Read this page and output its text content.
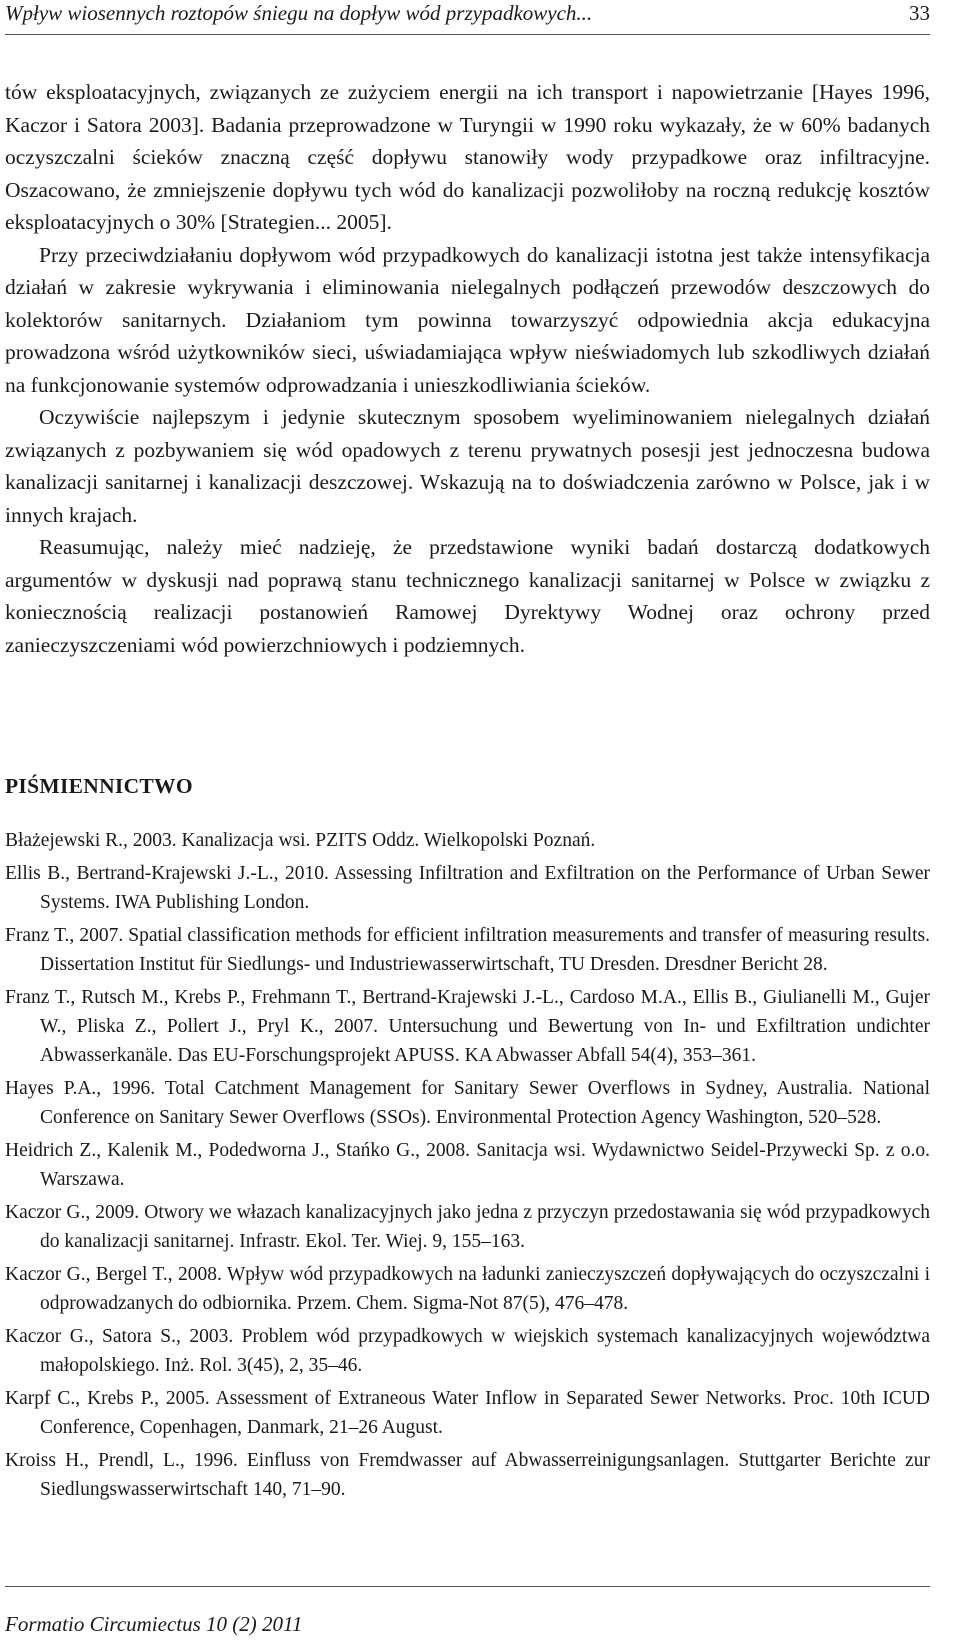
Wpływ wiosennych roztopów śniegu na dopływ wód przypadkowych...	33

tów eksploatacyjnych, związanych ze zużyciem energii na ich transport i napowietrzanie [Hayes 1996, Kaczor i Satora 2003]. Badania przeprowadzone w Turyngii w 1990 roku wykazały, że w 60% badanych oczyszczalni ścieków znaczną część dopływu stanowiły wody przypadkowe oraz infiltracyjne. Oszacowano, że zmniejszenie dopływu tych wód do kanalizacji pozwoliłoby na roczną redukcję kosztów eksploatacyjnych o 30% [Strategien... 2005].

Przy przeciwdziałaniu dopływom wód przypadkowych do kanalizacji istotna jest także intensyfikacja działań w zakresie wykrywania i eliminowania nielegalnych podłączeń przewodów deszczowych do kolektorów sanitarnych. Działaniom tym powinna towarzyszyć odpowiednia akcja edukacyjna prowadzona wśród użytkowników sieci, uświadamiająca wpływ nieświadomych lub szkodliwych działań na funkcjonowanie systemów odprowadzania i unieszkodliwiania ścieków.

Oczywiście najlepszym i jedynie skutecznym sposobem wyeliminowaniem nielegalnych działań związanych z pozbywaniem się wód opadowych z terenu prywatnych posesji jest jednoczesna budowa kanalizacji sanitarnej i kanalizacji deszczowej. Wskazują na to doświadczenia zarówno w Polsce, jak i w innych krajach.

Reasumując, należy mieć nadzieję, że przedstawione wyniki badań dostarczą dodatkowych argumentów w dyskusji nad poprawą stanu technicznego kanalizacji sanitarnej w Polsce w związku z koniecznością realizacji postanowień Ramowej Dyrektywy Wodnej oraz ochrony przed zanieczyszczeniami wód powierzchniowych i podziemnych.

PIŚMIENNICTWO
Błażejewski R., 2003. Kanalizacja wsi. PZITS Oddz. Wielkopolski Poznań.
Ellis B., Bertrand-Krajewski J.-L., 2010. Assessing Infiltration and Exfiltration on the Performance of Urban Sewer Systems. IWA Publishing London.
Franz T., 2007. Spatial classification methods for efficient infiltration measurements and transfer of measuring results. Dissertation Institut für Siedlungs- und Industriewasserwirtschaft, TU Dresden. Dresdner Bericht 28.
Franz T., Rutsch M., Krebs P., Frehmann T., Bertrand-Krajewski J.-L., Cardoso M.A., Ellis B., Giulianelli M., Gujer W., Pliska Z., Pollert J., Pryl K., 2007. Untersuchung und Bewertung von In- und Exfiltration undichter Abwasserkanäle. Das EU-Forschungsprojekt APUSS. KA Abwasser Abfall 54(4), 353–361.
Hayes P.A., 1996. Total Catchment Management for Sanitary Sewer Overflows in Sydney, Australia. National Conference on Sanitary Sewer Overflows (SSOs). Environmental Protection Agency Washington, 520–528.
Heidrich Z., Kalenik M., Podedworna J., Stańko G., 2008. Sanitacja wsi. Wydawnictwo Seidel-Przywecki Sp. z o.o. Warszawa.
Kaczor G., 2009. Otwory we włazach kanalizacyjnych jako jedna z przyczyn przedostawania się wód przypadkowych do kanalizacji sanitarnej. Infrastr. Ekol. Ter. Wiej. 9, 155–163.
Kaczor G., Bergel T., 2008. Wpływ wód przypadkowych na ładunki zanieczyszczeń dopływających do oczyszczalni i odprowadzanych do odbiornika. Przem. Chem. Sigma-Not 87(5), 476–478.
Kaczor G., Satora S., 2003. Problem wód przypadkowych w wiejskich systemach kanalizacyjnych województwa małopolskiego. Inż. Rol. 3(45), 2, 35–46.
Karpf C., Krebs P., 2005. Assessment of Extraneous Water Inflow in Separated Sewer Networks. Proc. 10th ICUD Conference, Copenhagen, Danmark, 21–26 August.
Kroiss H., Prendl, L., 1996. Einfluss von Fremdwasser auf Abwasserreinigungsanlagen. Stuttgarter Berichte zur Siedlungswasserwirtschaft 140, 71–90.
Formatio Circumiectus 10 (2) 2011
